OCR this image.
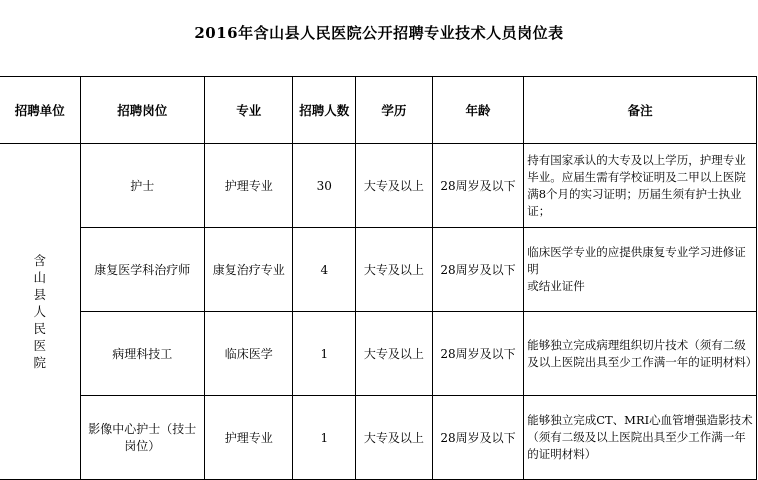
2016年含山县人民医院公开招聘专业技术人员岗位表
招聘单位	招聘岗位	专业	招聘人数	学历	年龄	备注
含山县人民医院	护士	护理专业	30	大专及以上	28周岁及以下	持有国家承认的大专及以上学历，护理专业毕业。应届生需有学校证明及二甲以上医院满8个月的实习证明；历届生须有护士执业证；
	康复医学科治疗师	康复治疗专业	4	大专及以上	28周岁及以下	临床医学专业的应提供康复专业学习进修证明
或结业证件
	病理科技工	临床医学	1	大专及以上	28周岁及以下	能够独立完成病理组织切片技术（须有二级及以上医院出具至少工作满一年的证明材料）
	影像中心护士（技士岗位）	护理专业	1	大专及以上	28周岁及以下	能够独立完成CT、MRI心血管增强造影技术（须有二级及以上医院出具至少工作满一年的证明材料）
